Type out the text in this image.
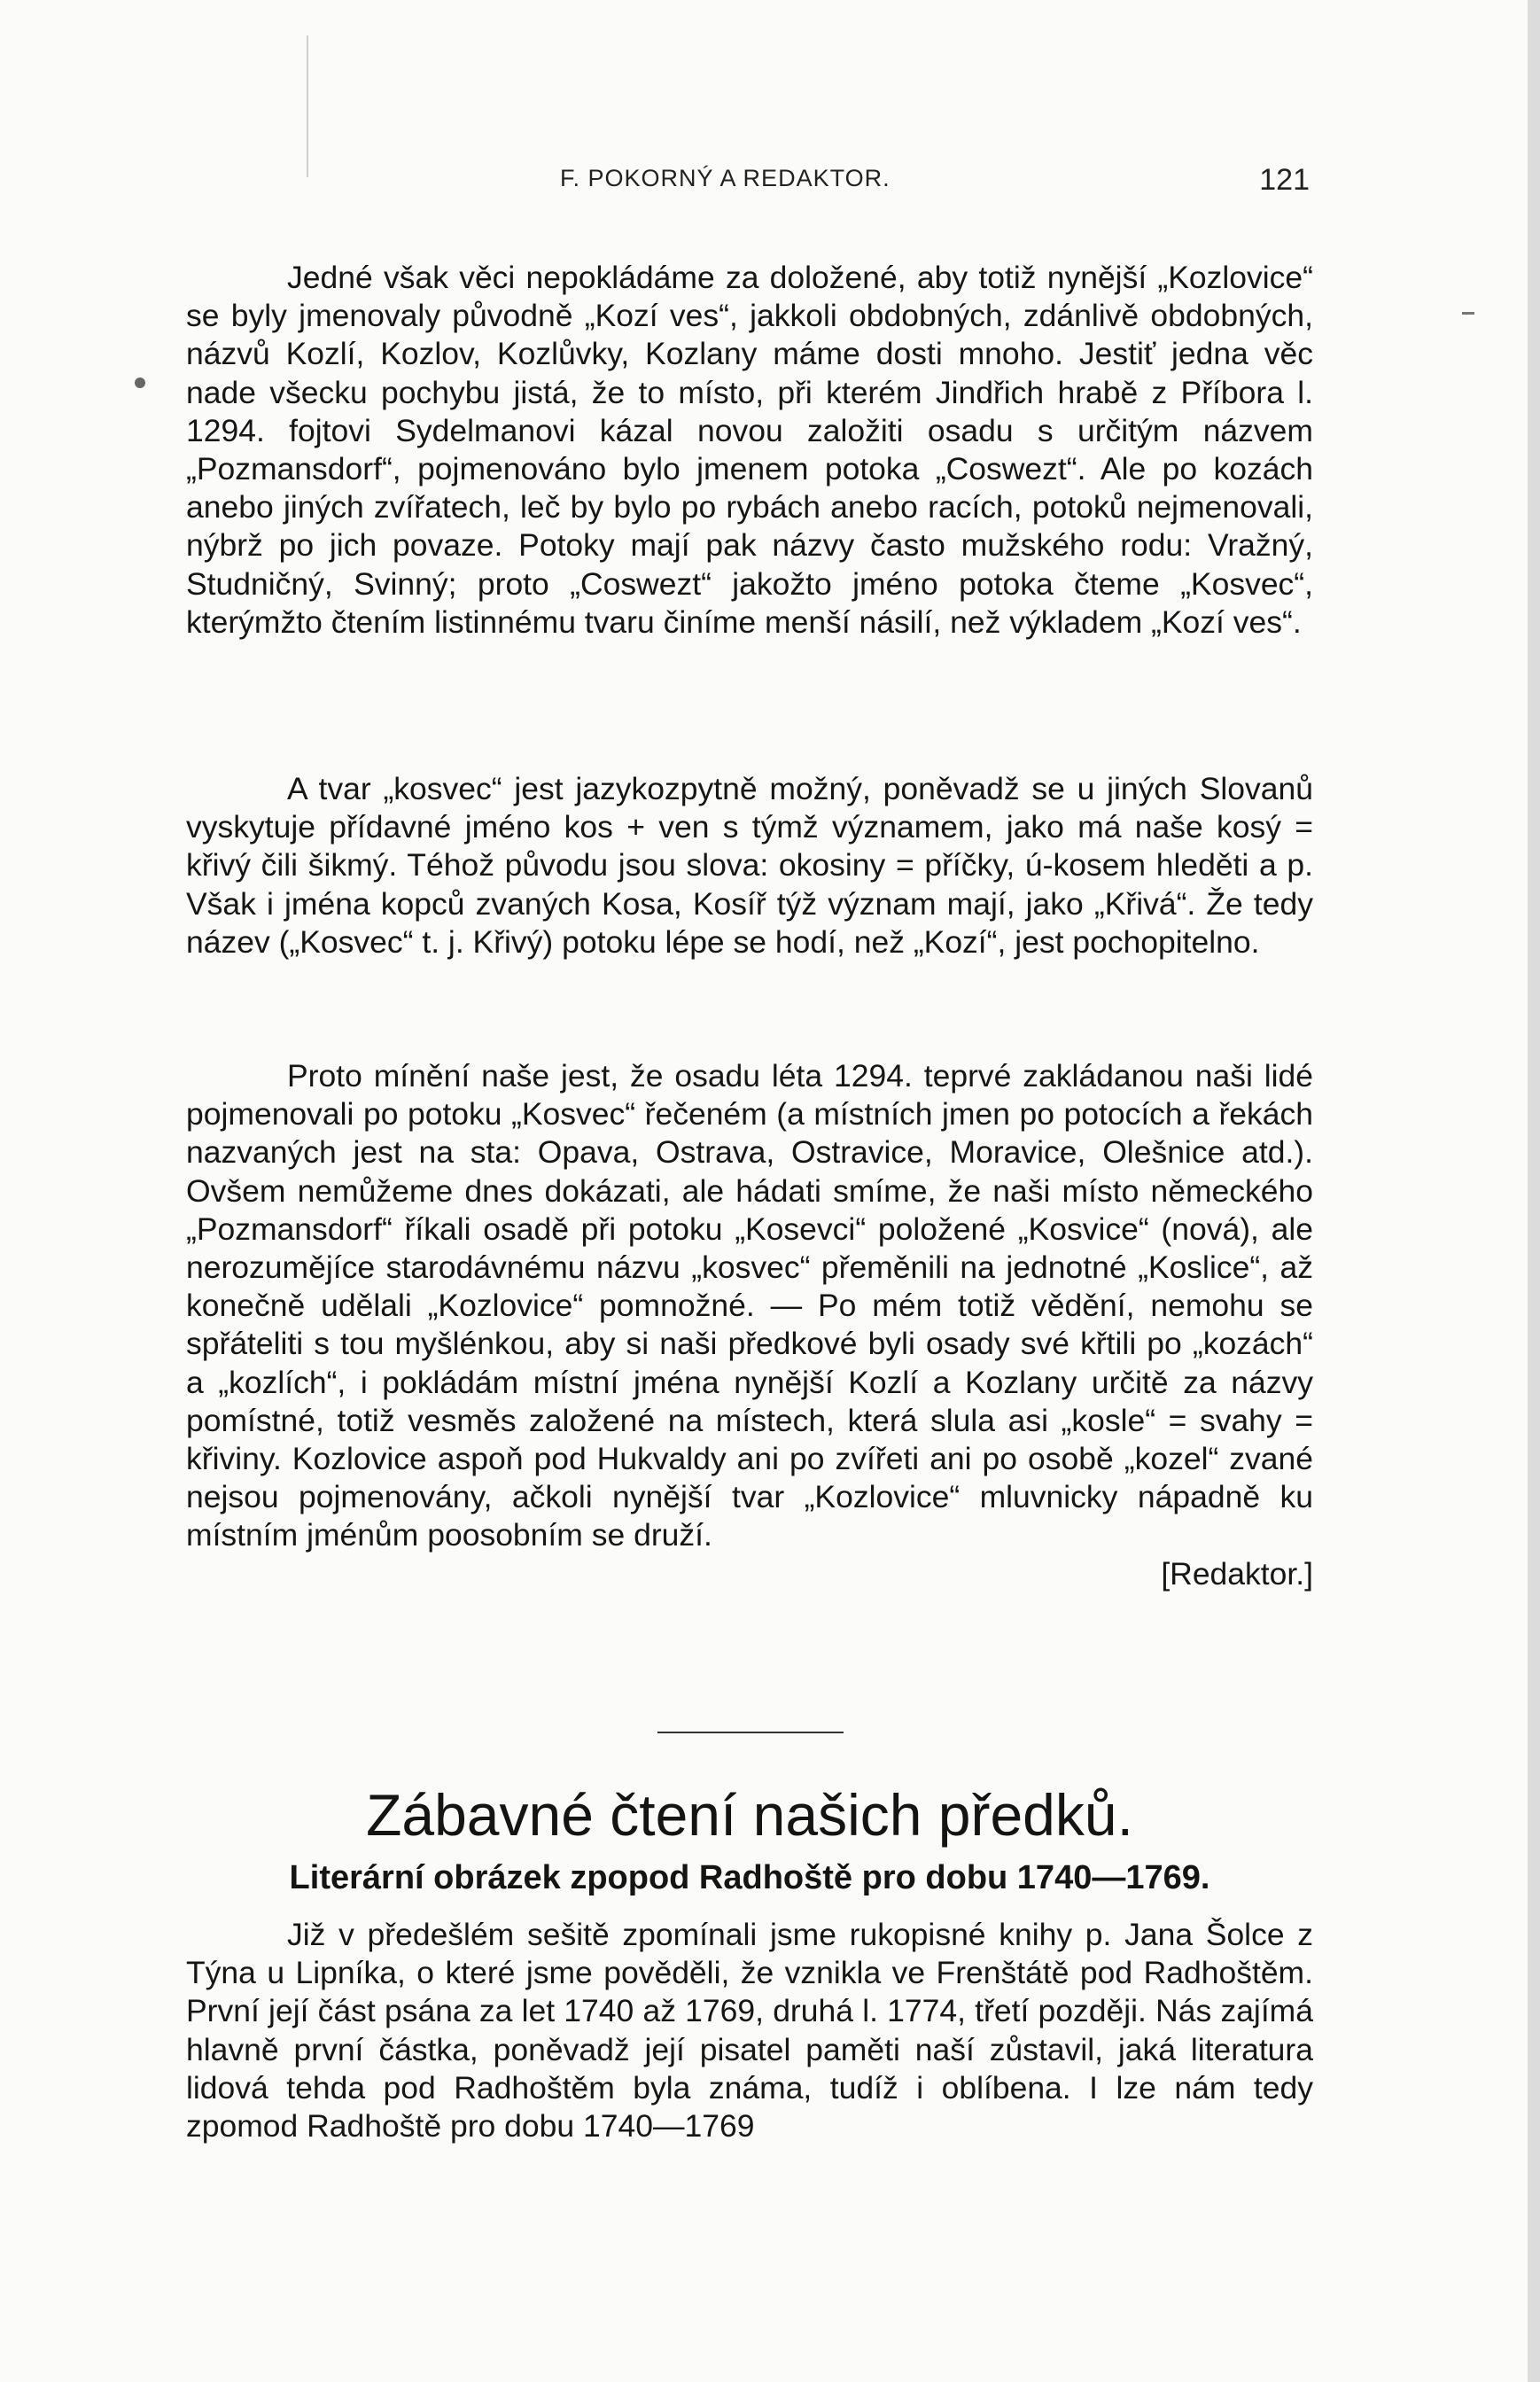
F. POKORNÝ A REDAKTOR.	121

Jedné však věci nepokládáme za doložené, aby totiž nynější „Kozlovice“ se byly jmenovaly původně „Kozí ves“, jakkoli obdobných, zdánlivě obdobných, názvů Kozlí, Kozlov, Kozlůvky, Kozlany máme dosti mnoho. Jestiť jedna věc nade všecku pochybu jistá, že to místo, při kterém Jindřich hrabě z Příbora l. 1294. fojtovi Sydelmanovi kázal novou založiti osadu s určitým názvem „Pozmansdorf“, pojmenováno bylo jmenem potoka „Coswezt“. Ale po kozách anebo jiných zvířatech, leč by bylo po rybách anebo racích, potoků nejmenovali, nýbrž po jich povaze. Potoky mají pak názvy často mužského rodu: Vražný, Studničný, Svinný; proto „Coswezt“ jakožto jméno potoka čteme „Kosvec“, kterýmžto čtením listinnému tvaru činíme menší násilí, než výkladem „Kozí ves“.

A tvar „kosvec“ jest jazykozpytně možný, poněvadž se u jiných Slovanů vyskytuje přídavné jméno kos + ven s týmž významem, jako má naše kosý = křivý čili šikmý. Téhož původu jsou slova: okosiny = příčky, ú-kosem hleděti a p. Však i jména kopců zvaných Kosa, Kosíř týž význam mají, jako „Křivá“. Že tedy název („Kosvec“ t. j. Křivý) potoku lépe se hodí, než „Kozí“, jest pochopitelno.

Proto mínění naše jest, že osadu léta 1294. teprvé zakládanou naši lidé pojmenovali po potoku „Kosvec“ řečeném (a místních jmen po potocích a řekách nazvaných jest na sta: Opava, Ostrava, Ostravice, Moravice, Olešnice atd.). Ovšem nemůžeme dnes dokázati, ale hádati smíme, že naši místo německého „Pozmansdorf“ říkali osadě při potoku „Kosevci“ položené „Kosvice“ (nová), ale nerozumějíce starodávnému názvu „kosvec“ přeměnili na jednotné „Koslice“, až konečně udělali „Kozlovice“ pomnožné. — Po mém totiž vědění, nemohu se spřáteliti s tou myšlénkou, aby si naši předkové byli osady své křtili po „kozách“ a „kozlích“, i pokládám místní jména nynější Kozlí a Kozlany určitě za názvy pomístné, totiž vesměs založené na místech, která slula asi „kosle“ = svahy = křiviny. Kozlovice aspoň pod Hukvaldy ani po zvířeti ani po osobě „kozel“ zvané nejsou pojmenovány, ačkoli nynější tvar „Kozlovice“ mluvnicky nápadně ku místním jménům poosobním se druží.

[Redaktor.]

Zábavné čtení našich předků.
Literární obrázek zpopod Radhoště pro dobu 1740—1769.

Již v předešlém sešitě zpomínali jsme rukopisné knihy p. Jana Šolce z Týna u Lipníka, o které jsme pověděli, že vznikla ve Frenštátě pod Radhoštěm. První její část psána za let 1740 až 1769, druhá l. 1774, třetí později. Nás zajímá hlavně první částka, poněvadž její pisatel paměti naší zůstavil, jaká literatura lidová tehda pod Radhoštěm byla známa, tudíž i oblíbena. I lze nám tedy zpomod Radhoště pro dobu 1740—1769
